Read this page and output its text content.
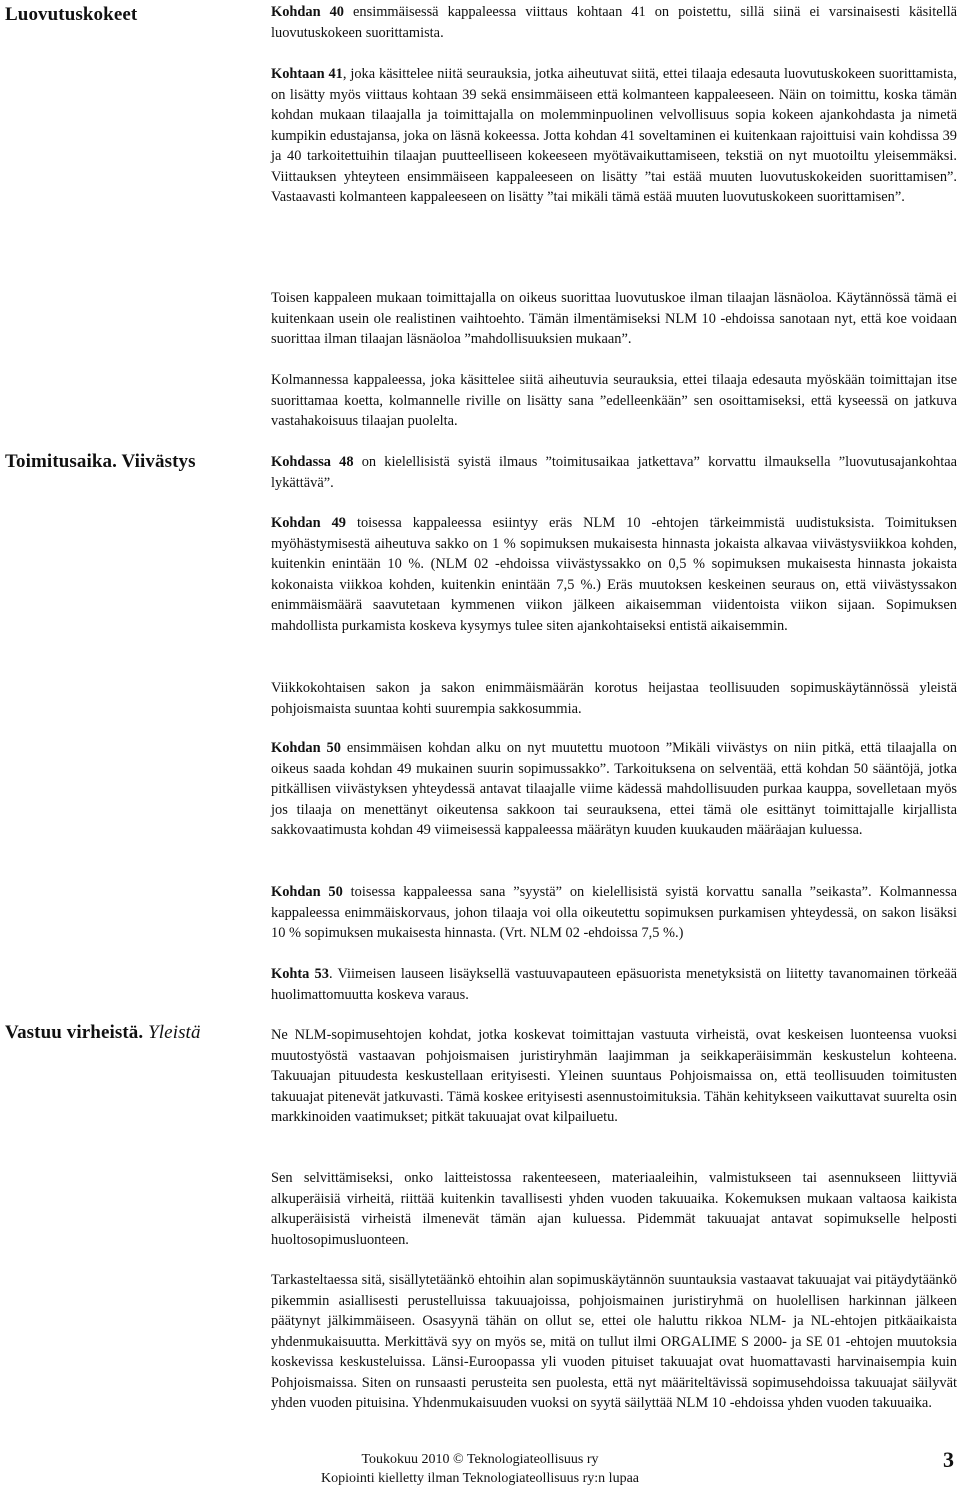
Luovutuskokeet
Toimitusaika. Viivästys
Vastuu virheistä. Yleistä

Kohdan 40 ensimmäisessä kappaleessa viittaus kohtaan 41 on poistettu, sillä siinä ei varsinaisesti käsitellä luovutuskokeen suorittamista.

Kohtaan 41, joka käsittelee niitä seurauksia, jotka aiheutuvat siitä, ettei tilaaja edesauta luovutuskokeen suorittamista, on lisätty myös viittaus kohtaan 39 sekä ensimmäiseen että kolmanteen kappaleeseen. Näin on toimittu, koska tämän kohdan mukaan tilaajalla ja toimittajalla on molemminpuolinen velvollisuus sopia kokeen ajankohdasta ja nimetä kumpikin edustajansa, joka on läsnä kokeessa. Jotta kohdan 41 soveltaminen ei kuitenkaan rajoittuisi vain kohdissa 39 ja 40 tarkoitettuihin tilaajan puutteelliseen kokeeseen myötävaikuttamiseen, tekstiä on nyt muotoiltu yleisemmäksi. Viittauksen yhteyteen ensimmäiseen kappaleeseen on lisätty ”tai estää muuten luovutuskokeiden suorittamisen”. Vastaavasti kolmanteen kappaleeseen on lisätty ”tai mikäli tämä estää muuten luovutuskokeen suorittamisen”.

Toisen kappaleen mukaan toimittajalla on oikeus suorittaa luovutuskoe ilman tilaajan läsnäoloa. Käytännössä tämä ei kuitenkaan usein ole realistinen vaihtoehto. Tämän ilmentämiseksi NLM 10 -ehdoissa sanotaan nyt, että koe voidaan suorittaa ilman tilaajan läsnäoloa ”mahdollisuuksien mukaan”.

Kolmannessa kappaleessa, joka käsittelee siitä aiheutuvia seurauksia, ettei tilaaja edesauta myöskään toimittajan itse suorittamaa koetta, kolmannelle riville on lisätty sana ”edelleenkään” sen osoittamiseksi, että kyseessä on jatkuva vastahakoisuus tilaajan puolelta.

Kohdassa 48 on kielellisistä syistä ilmaus ”toimitusaikaa jatkettava” korvattu ilmauksella ”luovutusajankohtaa lykättävä”.

Kohdan 49 toisessa kappaleessa esiintyy eräs NLM 10 -ehtojen tärkeimmistä uudistuksista. Toimituksen myöhästymisestä aiheutuva sakko on 1 % sopimuksen mukaisesta hinnasta jokaista alkavaa viivästysviikkoa kohden, kuitenkin enintään 10 %. (NLM 02 -ehdoissa viivästyssakko on 0,5 % sopimuksen mukaisesta hinnasta jokaista kokonaista viikkoa kohden, kuitenkin enintään 7,5 %.) Eräs muutoksen keskeinen seuraus on, että viivästyssakon enimmäismäärä saavutetaan kymmenen viikon jälkeen aikaisemman viidentoista viikon sijaan. Sopimuksen mahdollista purkamista koskeva kysymys tulee siten ajankohtaiseksi entistä aikaisemmin.

Viikkokohtaisen sakon ja sakon enimmäismäärän korotus heijastaa teollisuuden sopimuskäytännössä yleistä pohjoismaista suuntaa kohti suurempia sakkosummia.

Kohdan 50 ensimmäisen kohdan alku on nyt muutettu muotoon ”Mikäli viivästys on niin pitkä, että tilaajalla on oikeus saada kohdan 49 mukainen suurin sopimussakko”. Tarkoituksena on selventää, että kohdan 50 sääntöjä, jotka pitkällisen viivästyksen yhteydessä antavat tilaajalle viime kädessä mahdollisuuden purkaa kauppa, sovelletaan myös jos tilaaja on menettänyt oikeutensa sakkoon tai seurauksena, ettei tämä ole esittänyt toimittajalle kirjallista sakkovaatimusta kohdan 49 viimeisessä kappaleessa määrätyn kuuden kuukauden määräajan kuluessa.

Kohdan 50 toisessa kappaleessa sana ”syystä” on kielellisistä syistä korvattu sanalla ”seikasta”. Kolmannessa kappaleessa enimmäiskorvaus, johon tilaaja voi olla oikeutettu sopimuksen purkamisen yhteydessä, on sakon lisäksi 10 % sopimuksen mukaisesta hinnasta. (Vrt. NLM 02 -ehdoissa 7,5 %.)

Kohta 53. Viimeisen lauseen lisäyksellä vastuuvapauteen epäsuorista menetyksistä on liitetty tavanomainen törkeää huolimattomuutta koskeva varaus.

Ne NLM-sopimusehtojen kohdat, jotka koskevat toimittajan vastuuta virheistä, ovat keskeisen luonteensa vuoksi muutostyöstä vastaavan pohjoismaisen juristiryhmän laajimman ja seikkaperäisimmän keskustelun kohteena. Takuuajan pituudesta keskustellaan erityisesti. Yleinen suuntaus Pohjoismaissa on, että teollisuuden toimitusten takuuajat pitenevät jatkuvasti. Tämä koskee erityisesti asennustoimituksia. Tähän kehitykseen vaikuttavat suurelta osin markkinoiden vaatimukset; pitkät takuuajat ovat kilpailuetu.

Sen selvittämiseksi, onko laitteistossa rakenteeseen, materiaaleihin, valmistukseen tai asennukseen liittyviä alkuperäisiä virheitä, riittää kuitenkin tavallisesti yhden vuoden takuuaika. Kokemuksen mukaan valtaosa kaikista alkuperäisistä virheistä ilmenevät tämän ajan kuluessa. Pidemmät takuuajat antavat sopimukselle helposti huoltosopimusluonteen.

Tarkasteltaessa sitä, sisällytetäänkö ehtoihin alan sopimuskäytännön suuntauksia vastaavat takuuajat vai pitäydytäänkö pikemmin asiallisesti perustelluissa takuuajoissa, pohjoismainen juristiryhmä on huolellisen harkinnan jälkeen päätynyt jälkimmäiseen. Osasyynä tähän on ollut se, ettei ole haluttu rikkoa NLM- ja NL-ehtojen pitkäaikaista yhdenmukaisuutta. Merkittävä syy on myös se, mitä on tullut ilmi ORGALIME S 2000- ja SE 01 -ehtojen muutoksia koskevissa keskusteluissa. Länsi-Euroopassa yli vuoden pituiset takuuajat ovat huomattavasti harvinaisempia kuin Pohjoismaissa. Siten on runsaasti perusteita sen puolesta, että nyt määriteltävissä sopimusehdoissa takuuajat säilyvät yhden vuoden pituisina. Yhdenmukaisuuden vuoksi on syytä säilyttää NLM 10 -ehdoissa yhden vuoden takuuaika.

Toukokuu 2010 © Teknologiateollisuus ry
Kopiointi kielletty ilman Teknologiateollisuus ry:n lupaa
3
